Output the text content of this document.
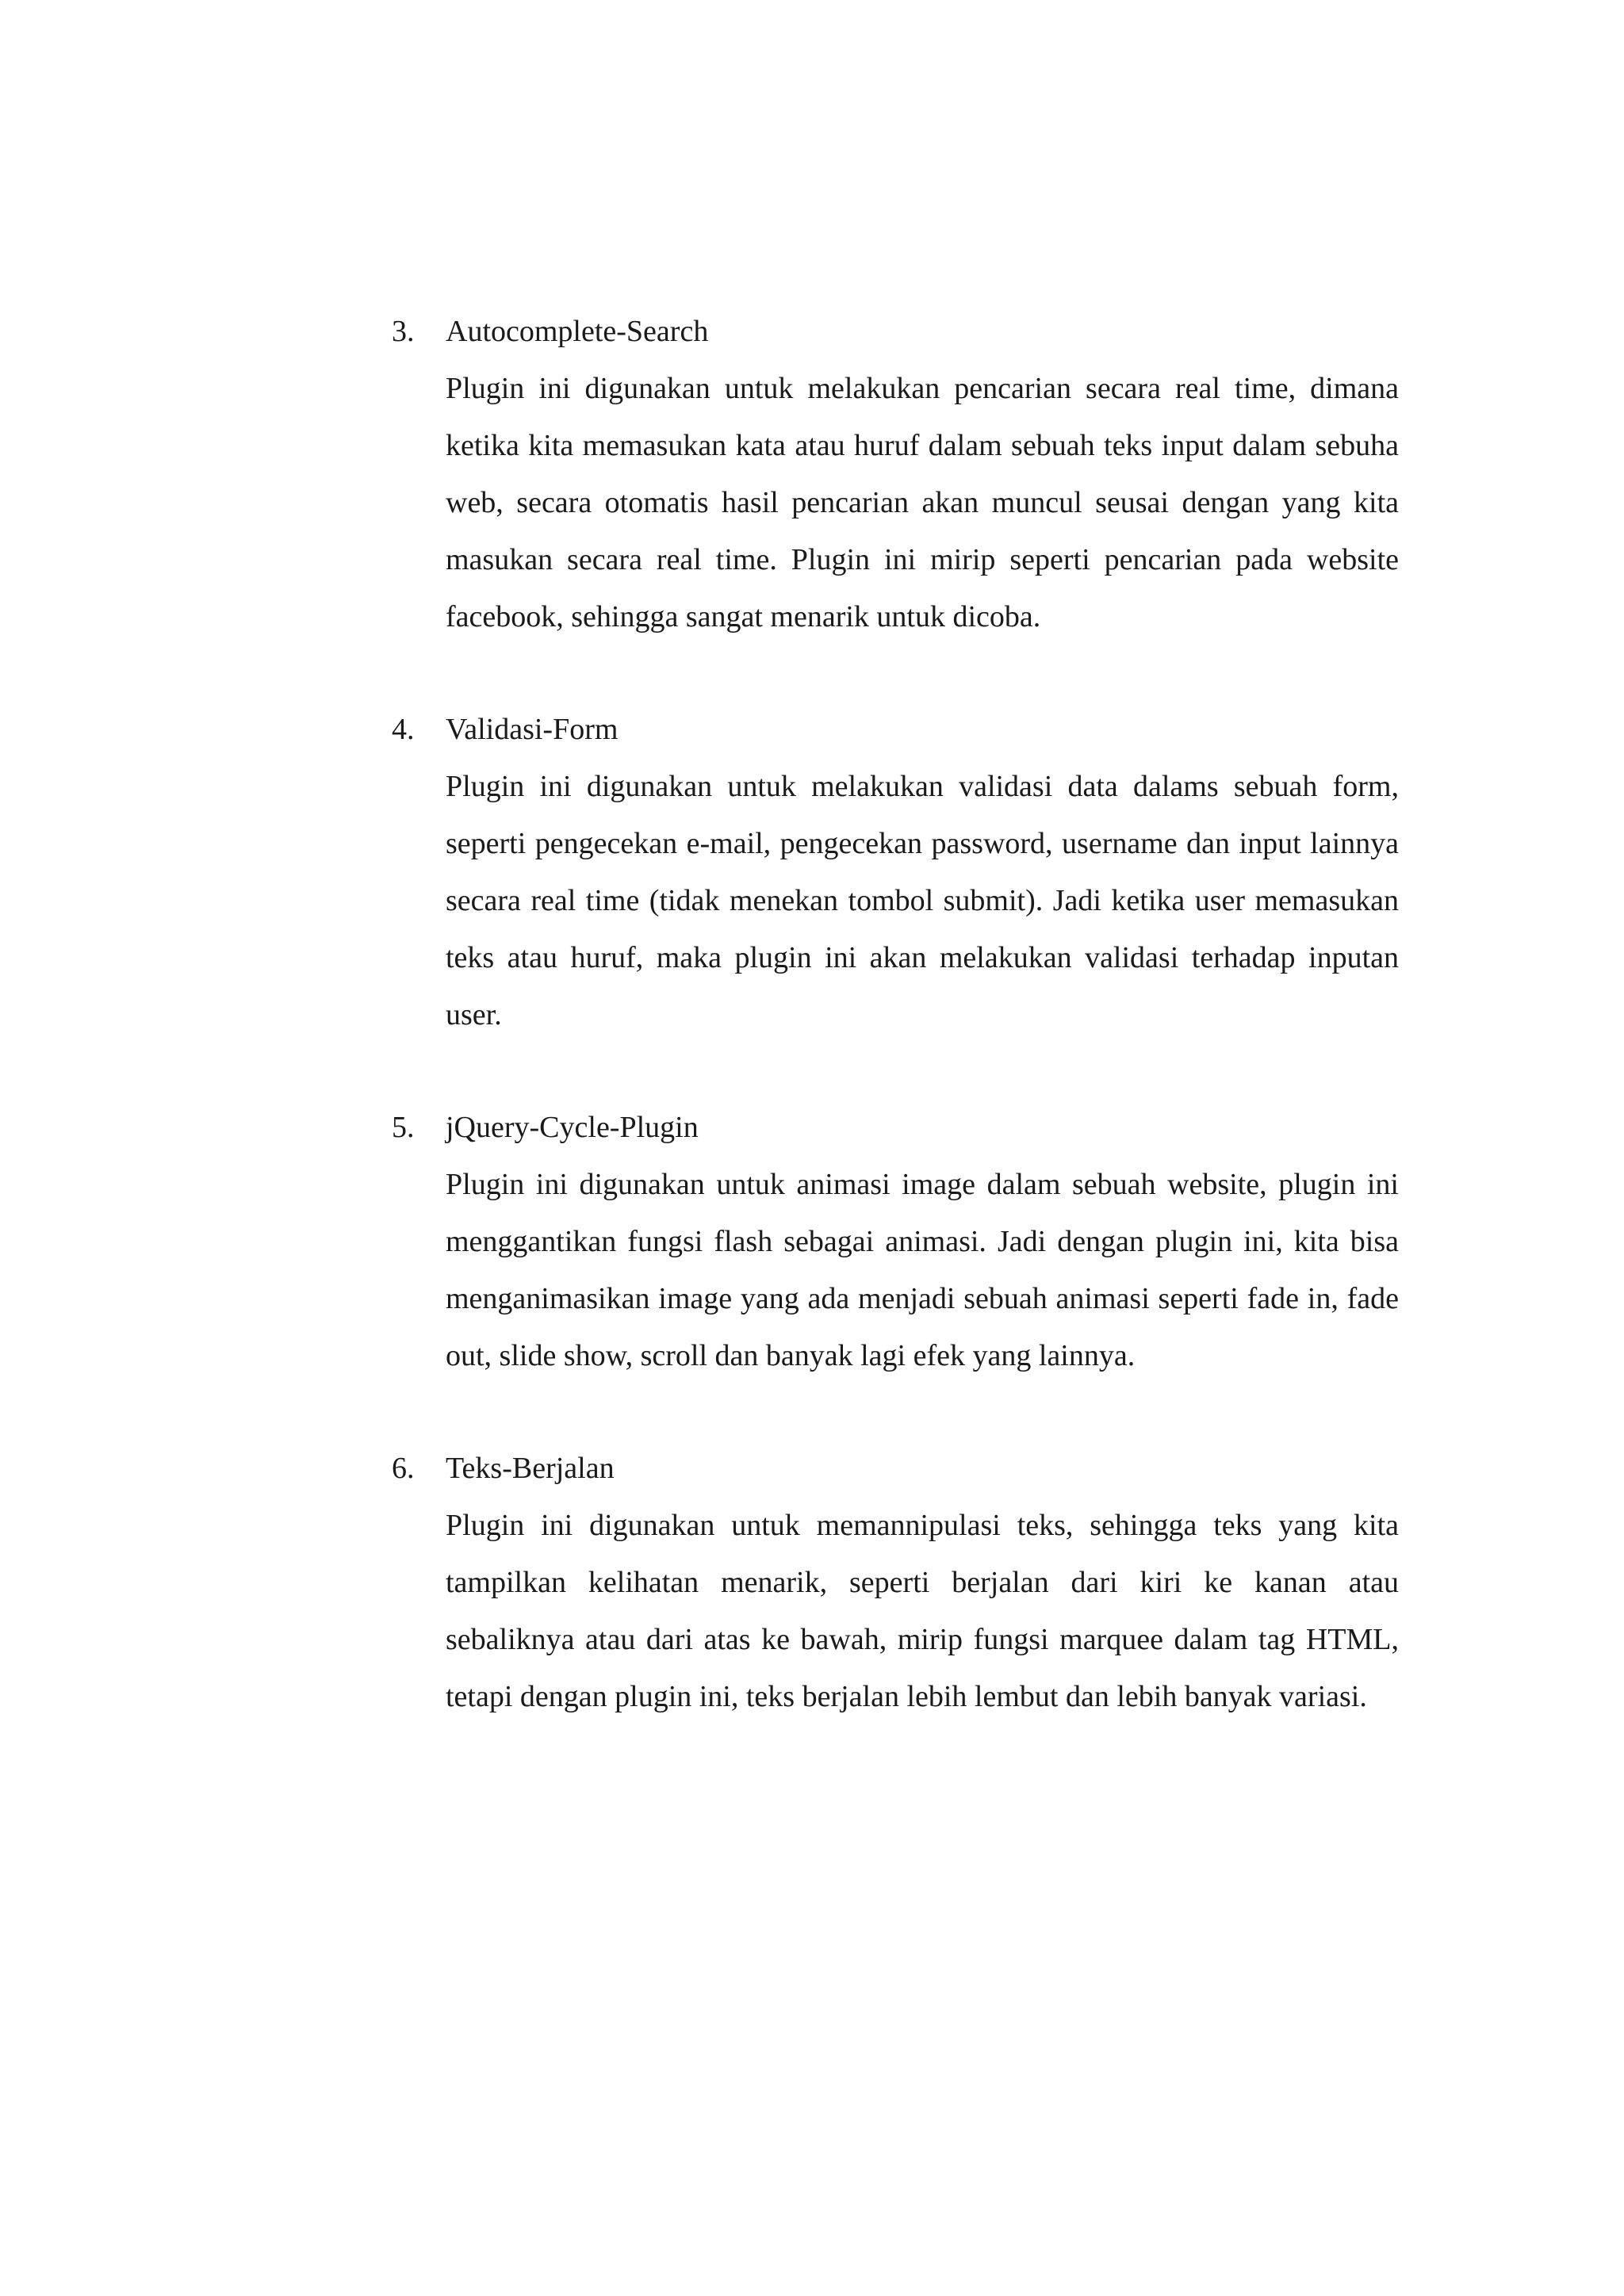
3.	Autocomplete-Search
Plugin ini digunakan untuk melakukan pencarian secara real time, dimana ketika kita memasukan kata atau huruf dalam sebuah teks input dalam sebuha web, secara otomatis hasil pencarian akan muncul seusai dengan yang kita masukan secara real time. Plugin ini mirip seperti pencarian pada website facebook, sehingga sangat menarik untuk dicoba.
4.	Validasi-Form
Plugin ini digunakan untuk melakukan validasi data dalams sebuah form, seperti pengecekan e-mail, pengecekan password, username dan input lainnya secara real time (tidak menekan tombol submit). Jadi ketika user memasukan teks atau huruf, maka plugin ini akan melakukan validasi terhadap inputan user.
5.	jQuery-Cycle-Plugin
Plugin ini digunakan untuk animasi image dalam sebuah website, plugin ini menggantikan fungsi flash sebagai animasi. Jadi dengan plugin ini, kita bisa menganimasikan image yang ada menjadi sebuah animasi seperti fade in, fade out, slide show, scroll dan banyak lagi efek yang lainnya.
6.	Teks-Berjalan
Plugin ini digunakan untuk memannipulasi teks, sehingga teks yang kita tampilkan kelihatan menarik, seperti berjalan dari kiri ke kanan atau sebaliknya atau dari atas ke bawah, mirip fungsi marquee dalam tag HTML, tetapi dengan plugin ini, teks berjalan lebih lembut dan lebih banyak variasi.
